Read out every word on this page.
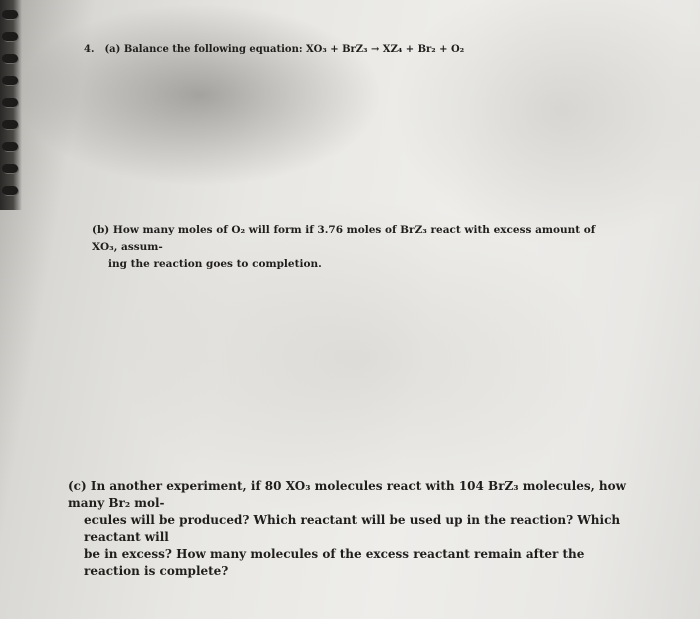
4. (a) Balance the following equation: XO₃ + BrZ₃ → XZ₄ + Br₂ + O₂
(b) How many moles of O₂ will form if 3.76 moles of BrZ₃ react with excess amount of XO₃, assum-
ing the reaction goes to completion.
(c) In another experiment, if 80 XO₃ molecules react with 104 BrZ₃ molecules, how many Br₂ mol-
ecules will be produced? Which reactant will be used up in the reaction? Which reactant will
be in excess? How many molecules of the excess reactant remain after the reaction is complete?
